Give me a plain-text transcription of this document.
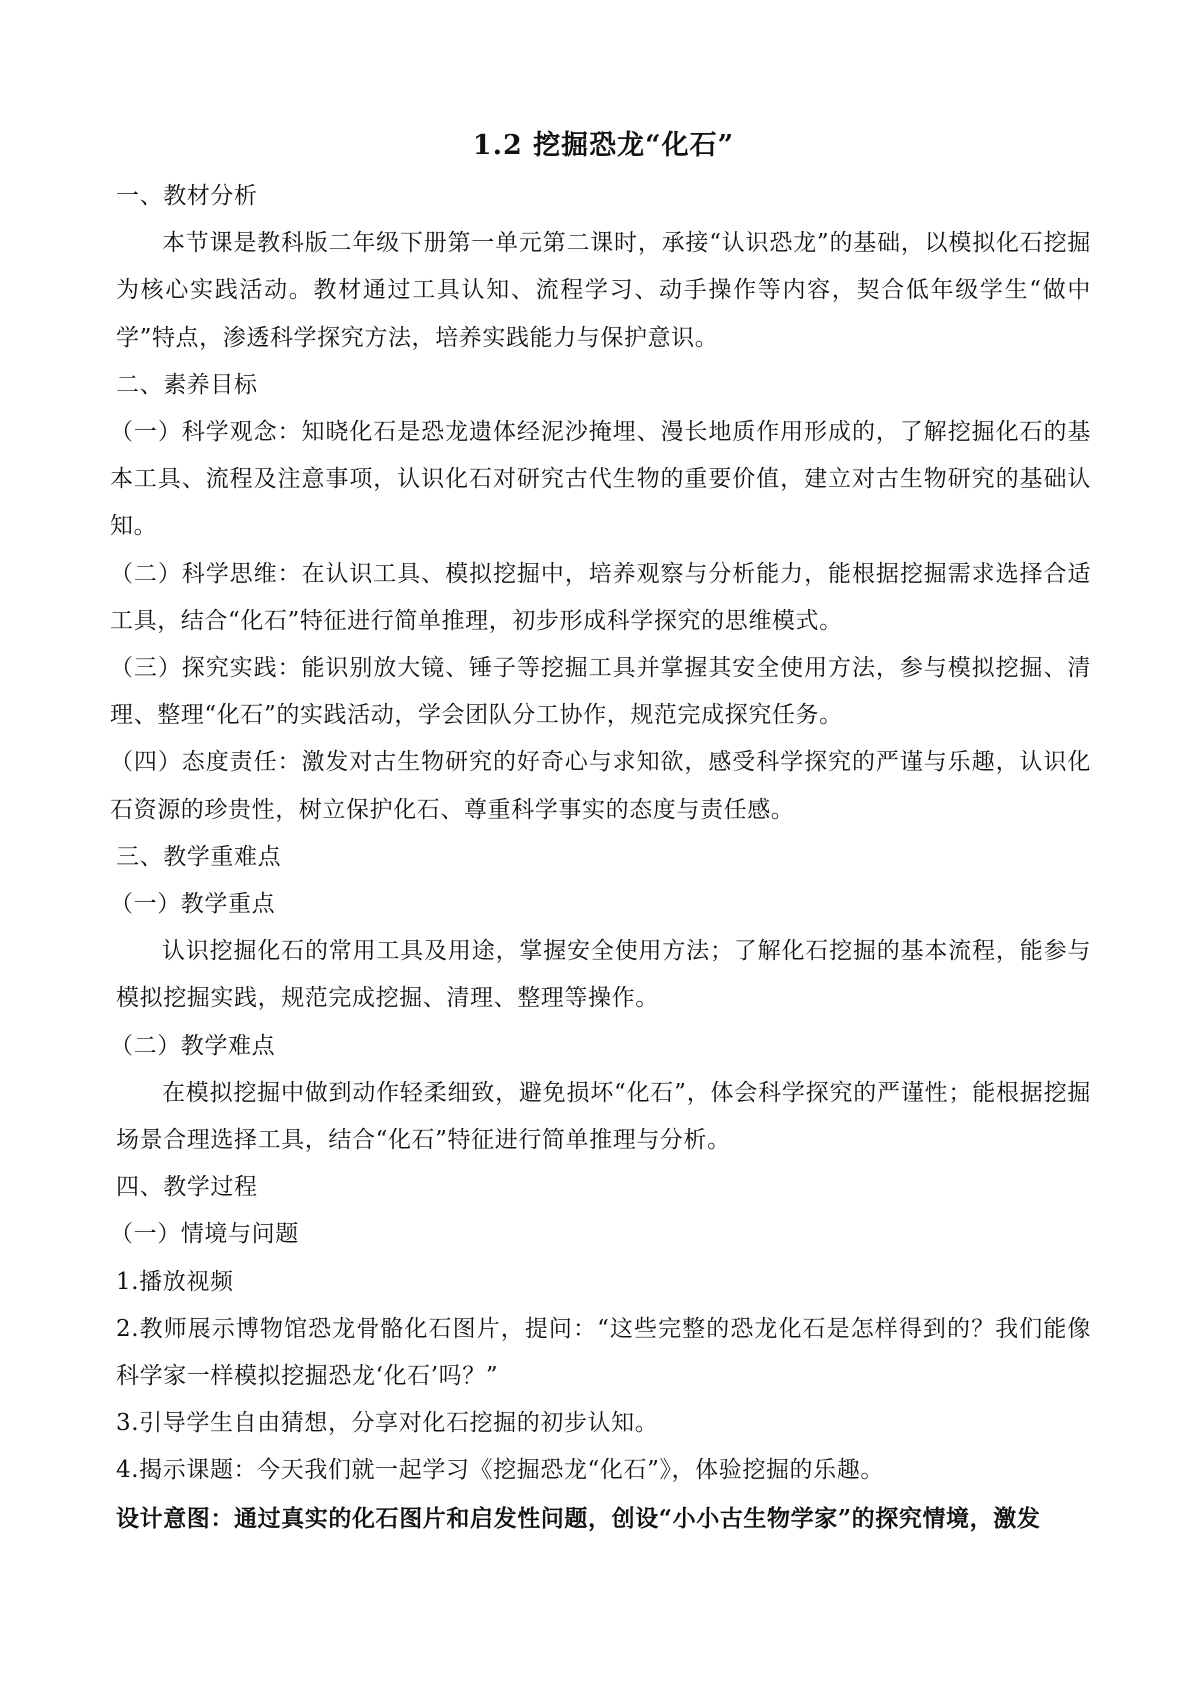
1.2 挖掘恐龙“化石”

一、教材分析

本节课是教科版二年级下册第一单元第二课时，承接“认识恐龙”的基础，以模拟化石挖掘为核心实践活动。教材通过工具认知、流程学习、动手操作等内容，契合低年级学生“做中学”特点，渗透科学探究方法，培养实践能力与保护意识。

二、素养目标

（一）科学观念：知晓化石是恐龙遗体经泥沙掩埋、漫长地质作用形成的，了解挖掘化石的基本工具、流程及注意事项，认识化石对研究古代生物的重要价值，建立对古生物研究的基础认知。

（二）科学思维：在认识工具、模拟挖掘中，培养观察与分析能力，能根据挖掘需求选择合适工具，结合“化石”特征进行简单推理，初步形成科学探究的思维模式。

（三）探究实践：能识别放大镜、锤子等挖掘工具并掌握其安全使用方法，参与模拟挖掘、清理、整理“化石”的实践活动，学会团队分工协作，规范完成探究任务。

（四）态度责任：激发对古生物研究的好奇心与求知欲，感受科学探究的严谨与乐趣，认识化石资源的珍贵性，树立保护化石、尊重科学事实的态度与责任感。

三、教学重难点

（一）教学重点

认识挖掘化石的常用工具及用途，掌握安全使用方法；了解化石挖掘的基本流程，能参与模拟挖掘实践，规范完成挖掘、清理、整理等操作。

（二）教学难点

在模拟挖掘中做到动作轻柔细致，避免损坏“化石”，体会科学探究的严谨性；能根据挖掘场景合理选择工具，结合“化石”特征进行简单推理与分析。

四、教学过程

（一）情境与问题

1.播放视频

2.教师展示博物馆恐龙骨骼化石图片，提问：“这些完整的恐龙化石是怎样得到的？我们能像科学家一样模拟挖掘恐龙‘化石’吗？”

3.引导学生自由猜想，分享对化石挖掘的初步认知。

4.揭示课题：今天我们就一起学习《挖掘恐龙“化石”》，体验挖掘的乐趣。

设计意图：通过真实的化石图片和启发性问题，创设“小小古生物学家”的探究情境，激发
